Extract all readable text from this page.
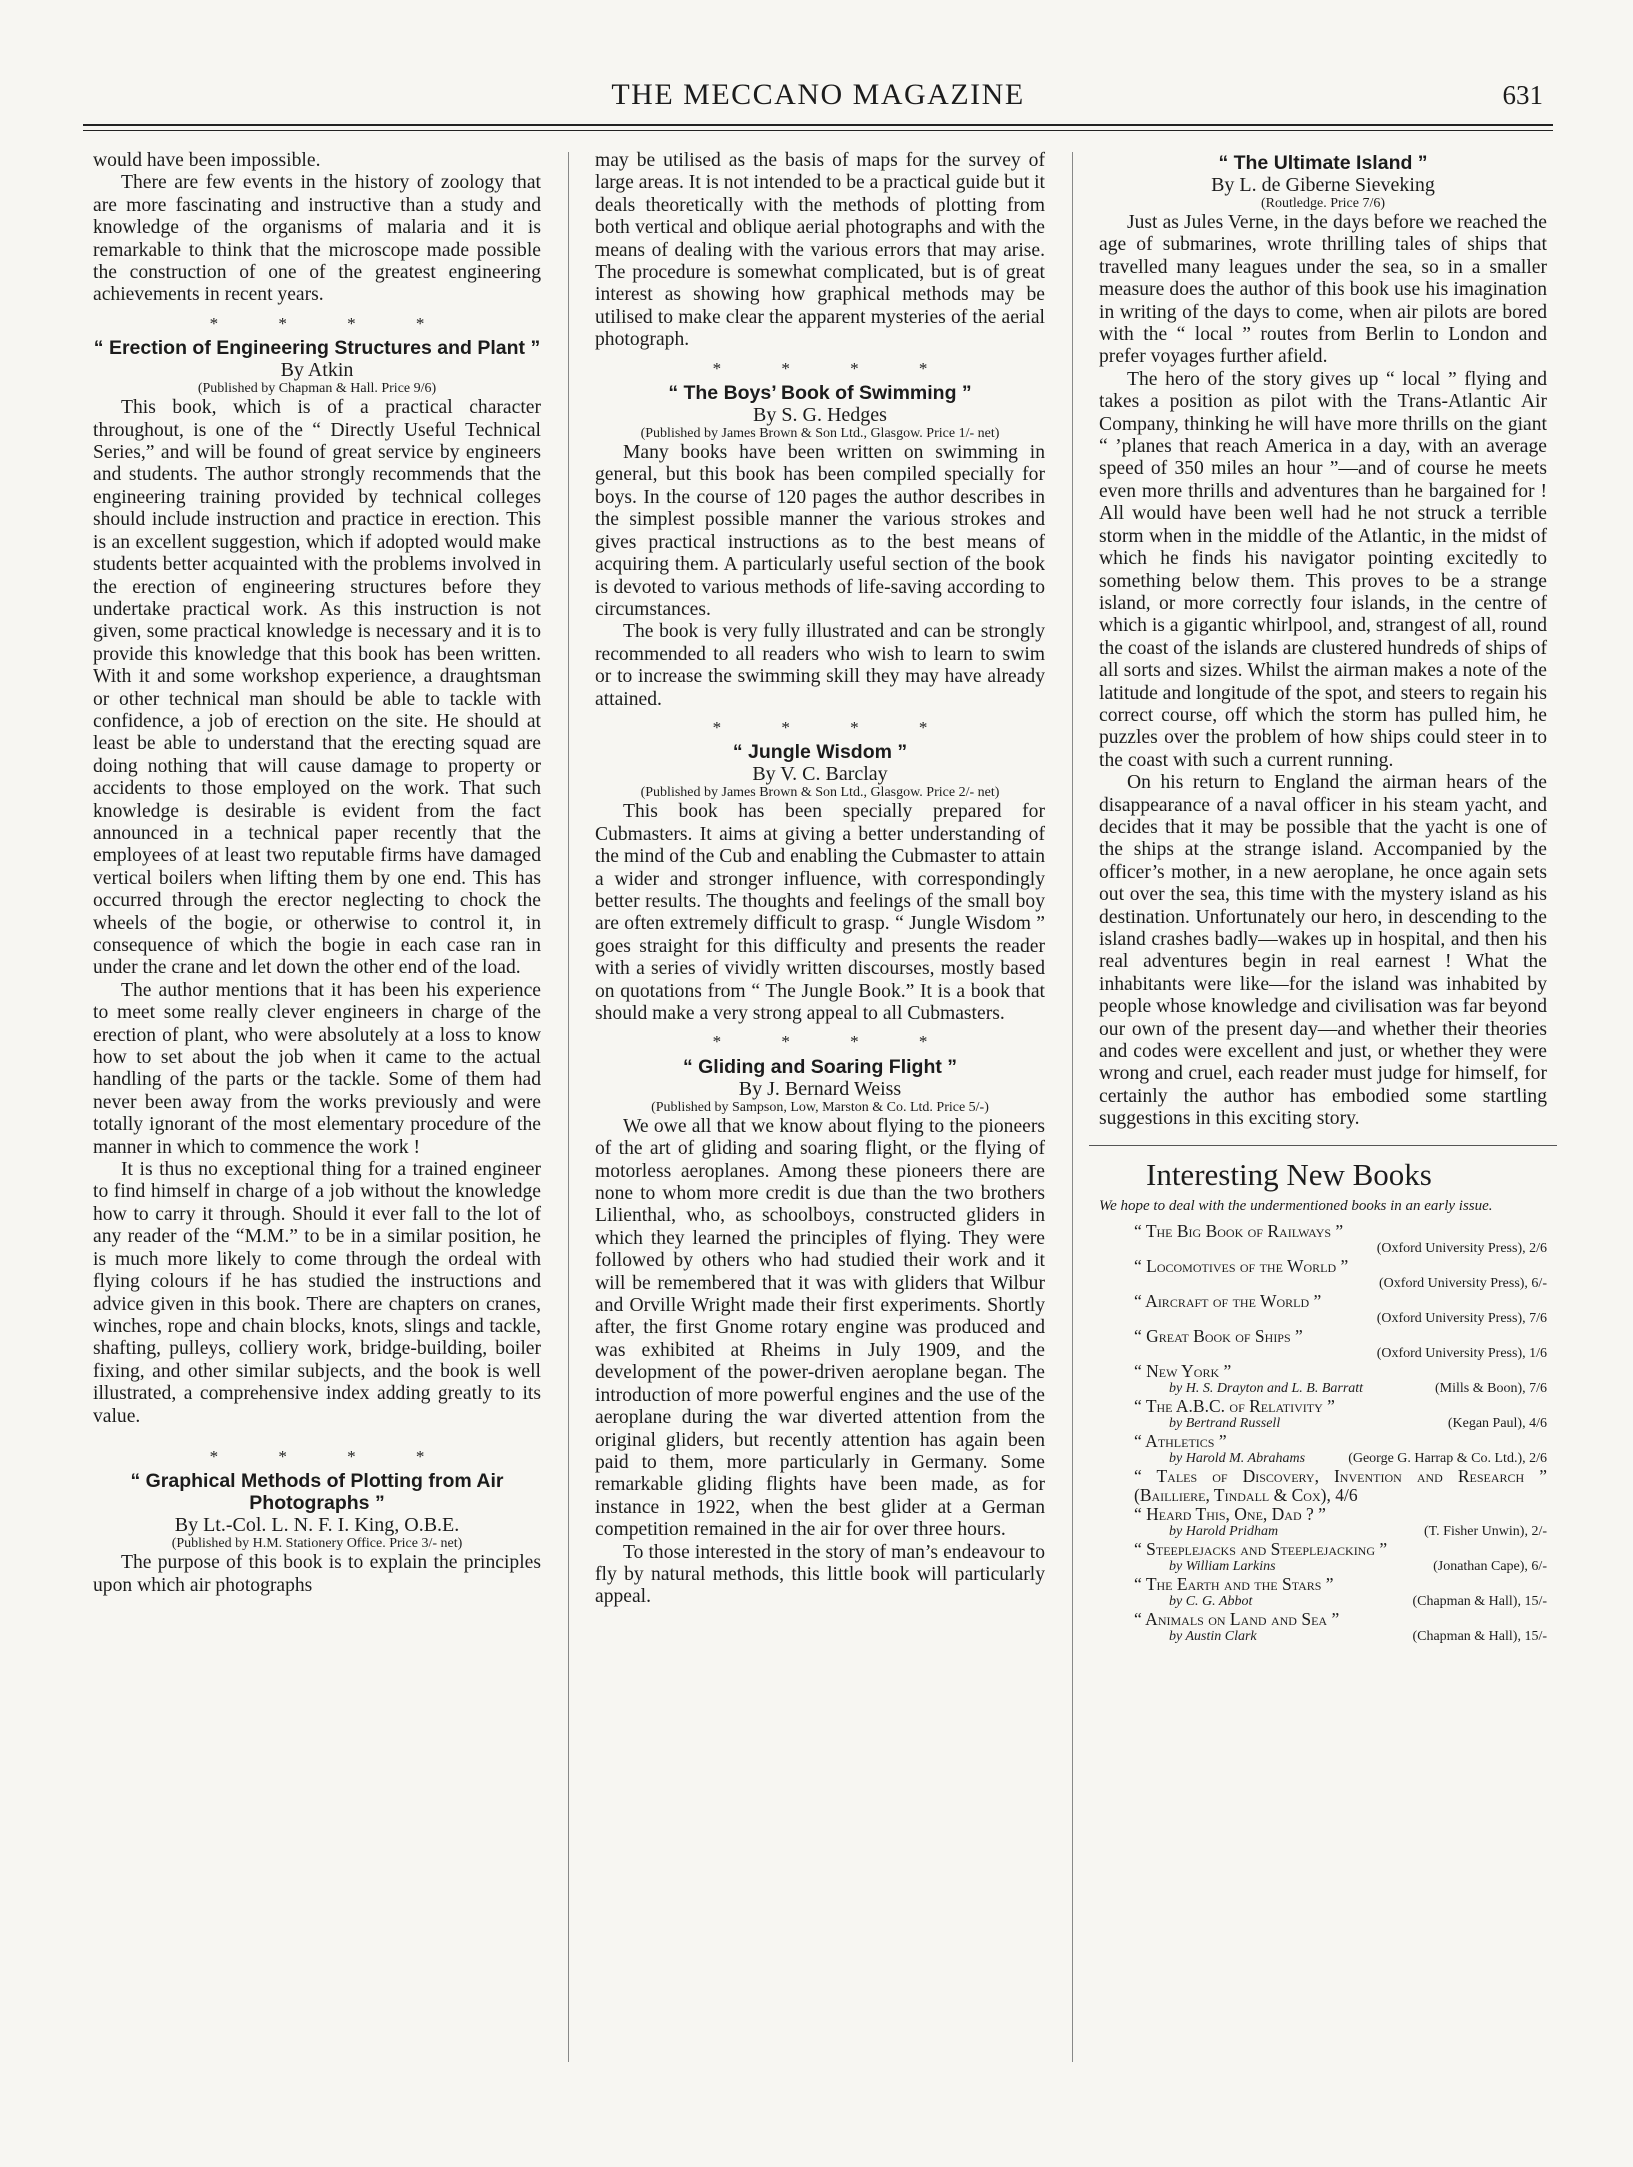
THE MECCANO MAGAZINE	631

would have been impossible.

There are few events in the history of zoology that are more fascinating and instructive than a study and knowledge of the organisms of malaria and it is remarkable to think that the microscope made possible the construction of one of the greatest engineering achievements in recent years.

* * * *
“ Erection of Engineering Structures and Plant ”
By Atkin
(Published by Chapman & Hall. Price 9/6)

This book, which is of a practical character throughout, is one of the “ Directly Useful Technical Series,” and will be found of great service by engineers and students. The author strongly recommends that the engineering training provided by technical colleges should include instruction and practice in erection. This is an excellent suggestion, which if adopted would make students better acquainted with the problems involved in the erection of engineering structures before they undertake practical work. As this instruction is not given, some practical knowledge is necessary and it is to provide this knowledge that this book has been written. With it and some workshop experience, a draughtsman or other technical man should be able to tackle with confidence, a job of erection on the site. He should at least be able to understand that the erecting squad are doing nothing that will cause damage to property or accidents to those employed on the work. That such knowledge is desirable is evident from the fact announced in a technical paper recently that the employees of at least two reputable firms have damaged vertical boilers when lifting them by one end. This has occurred through the erector neglecting to chock the wheels of the bogie, or otherwise to control it, in consequence of which the bogie in each case ran in under the crane and let down the other end of the load.

The author mentions that it has been his experience to meet some really clever engineers in charge of the erection of plant, who were absolutely at a loss to know how to set about the job when it came to the actual handling of the parts or the tackle. Some of them had never been away from the works previously and were totally ignorant of the most elementary procedure of the manner in which to commence the work !

It is thus no exceptional thing for a trained engineer to find himself in charge of a job without the knowledge how to carry it through. Should it ever fall to the lot of any reader of the “M.M.” to be in a similar position, he is much more likely to come through the ordeal with flying colours if he has studied the instructions and advice given in this book. There are chapters on cranes, winches, rope and chain blocks, knots, slings and tackle, shafting, pulleys, colliery work, bridge-building, boiler fixing, and other similar subjects, and the book is well illustrated, a comprehensive index adding greatly to its value.

* * * *
“ Graphical Methods of Plotting from Air Photographs ”
By Lt.-Col. L. N. F. I. King, O.B.E.
(Published by H.M. Stationery Office. Price 3/- net)

The purpose of this book is to explain the principles upon which air photographs

may be utilised as the basis of maps for the survey of large areas. It is not intended to be a practical guide but it deals theoretically with the methods of plotting from both vertical and oblique aerial photographs and with the means of dealing with the various errors that may arise. The procedure is somewhat complicated, but is of great interest as showing how graphical methods may be utilised to make clear the apparent mysteries of the aerial photograph.

* * * *
“ The Boys’ Book of Swimming ”
By S. G. Hedges
(Published by James Brown & Son Ltd., Glasgow. Price 1/- net)

Many books have been written on swimming in general, but this book has been compiled specially for boys. In the course of 120 pages the author describes in the simplest possible manner the various strokes and gives practical instructions as to the best means of acquiring them. A particularly useful section of the book is devoted to various methods of life-saving according to circumstances.

The book is very fully illustrated and can be strongly recommended to all readers who wish to learn to swim or to increase the swimming skill they may have already attained.

* * * *
“ Jungle Wisdom ”
By V. C. Barclay
(Published by James Brown & Son Ltd., Glasgow. Price 2/- net)

This book has been specially prepared for Cubmasters. It aims at giving a better understanding of the mind of the Cub and enabling the Cubmaster to attain a wider and stronger influence, with correspondingly better results. The thoughts and feelings of the small boy are often extremely difficult to grasp. “ Jungle Wisdom ” goes straight for this difficulty and presents the reader with a series of vividly written discourses, mostly based on quotations from “ The Jungle Book.” It is a book that should make a very strong appeal to all Cubmasters.

* * * *
“ Gliding and Soaring Flight ”
By J. Bernard Weiss
(Published by Sampson, Low, Marston & Co. Ltd. Price 5/-)

We owe all that we know about flying to the pioneers of the art of gliding and soaring flight, or the flying of motorless aeroplanes. Among these pioneers there are none to whom more credit is due than the two brothers Lilienthal, who, as schoolboys, constructed gliders in which they learned the principles of flying. They were followed by others who had studied their work and it will be remembered that it was with gliders that Wilbur and Orville Wright made their first experiments. Shortly after, the first Gnome rotary engine was produced and was exhibited at Rheims in July 1909, and the development of the power-driven aeroplane began. The introduction of more powerful engines and the use of the aeroplane during the war diverted attention from the original gliders, but recently attention has again been paid to them, more particularly in Germany. Some remarkable gliding flights have been made, as for instance in 1922, when the best glider at a German competition remained in the air for over three hours.

To those interested in the story of man’s endeavour to fly by natural methods, this little book will particularly appeal.

“ The Ultimate Island ”
By L. de Giberne Sieveking
(Routledge. Price 7/6)

Just as Jules Verne, in the days before we reached the age of submarines, wrote thrilling tales of ships that travelled many leagues under the sea, so in a smaller measure does the author of this book use his imagination in writing of the days to come, when air pilots are bored with the “ local ” routes from Berlin to London and prefer voyages further afield.

The hero of the story gives up “ local ” flying and takes a position as pilot with the Trans-Atlantic Air Company, thinking he will have more thrills on the giant “ ’planes that reach America in a day, with an average speed of 350 miles an hour ”—and of course he meets even more thrills and adventures than he bargained for ! All would have been well had he not struck a terrible storm when in the middle of the Atlantic, in the midst of which he finds his navigator pointing excitedly to something below them. This proves to be a strange island, or more correctly four islands, in the centre of which is a gigantic whirlpool, and, strangest of all, round the coast of the islands are clustered hundreds of ships of all sorts and sizes. Whilst the airman makes a note of the latitude and longitude of the spot, and steers to regain his correct course, off which the storm has pulled him, he puzzles over the problem of how ships could steer in to the coast with such a current running.

On his return to England the airman hears of the disappearance of a naval officer in his steam yacht, and decides that it may be possible that the yacht is one of the ships at the strange island. Accompanied by the officer’s mother, in a new aeroplane, he once again sets out over the sea, this time with the mystery island as his destination. Unfortunately our hero, in descending to the island crashes badly—wakes up in hospital, and then his real adventures begin in real earnest ! What the inhabitants were like—for the island was inhabited by people whose knowledge and civilisation was far beyond our own of the present day—and whether their theories and codes were excellent and just, or whether they were wrong and cruel, each reader must judge for himself, for certainly the author has embodied some startling suggestions in this exciting story.

Interesting New Books
We hope to deal with the undermentioned books in an early issue.
“ The Big Book of Railways ”
(Oxford University Press), 2/6
“ Locomotives of the World ”
(Oxford University Press), 6/-
“ Aircraft of the World ”
(Oxford University Press), 7/6
“ Great Book of Ships ”
(Oxford University Press), 1/6
“ New York ”
by H. S. Drayton and L. B. Barratt	(Mills & Boon), 7/6
“ The A.B.C. of Relativity ”
by Bertrand Russell	(Kegan Paul), 4/6
“ Athletics ”
by Harold M. Abrahams	(George G. Harrap & Co. Ltd.), 2/6
“ Tales of Discovery, Invention and Research ” (Bailliere, Tindall & Cox), 4/6
“ Heard This, One, Dad ? ”
by Harold Pridham	(T. Fisher Unwin), 2/-
“ Steeplejacks and Steeplejacking ”
by William Larkins	(Jonathan Cape), 6/-
“ The Earth and the Stars ”
by C. G. Abbot	(Chapman & Hall), 15/-
“ Animals on Land and Sea ”
by Austin Clark	(Chapman & Hall), 15/-
